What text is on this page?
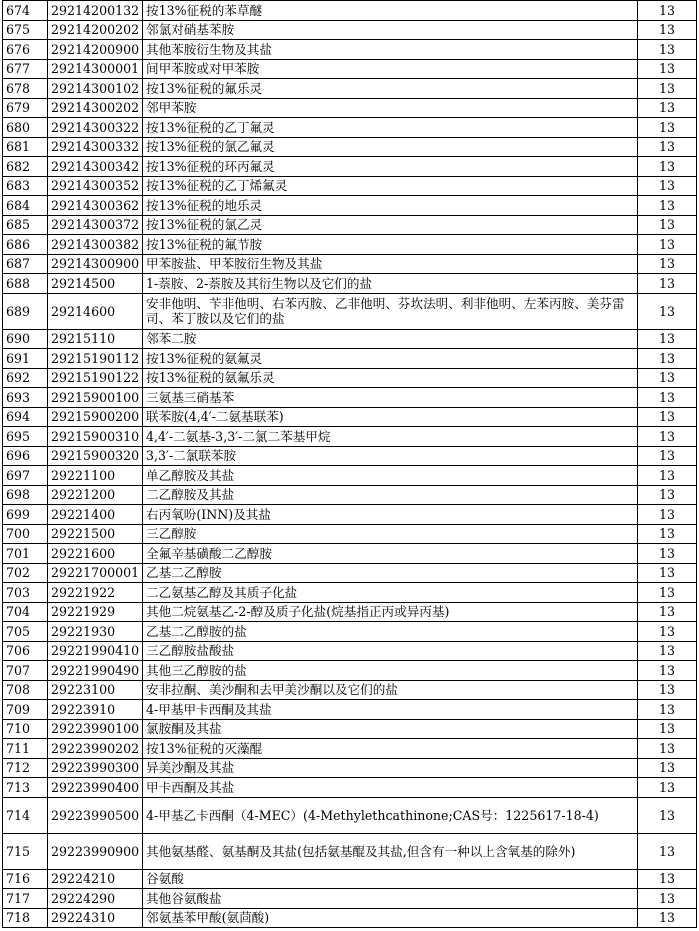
674	29214200132	按13%征税的苯草醚	13
675	29214200202	邻氯对硝基苯胺	13
676	29214200900	其他苯胺衍生物及其盐	13
677	29214300001	间甲苯胺或对甲苯胺	13
678	29214300102	按13%征税的氟乐灵	13
679	29214300202	邻甲苯胺	13
680	29214300322	按13%征税的乙丁氟灵	13
681	29214300332	按13%征税的氯乙氟灵	13
682	29214300342	按13%征税的环丙氟灵	13
683	29214300352	按13%征税的乙丁烯氟灵	13
684	29214300362	按13%征税的地乐灵	13
685	29214300372	按13%征税的氯乙灵	13
686	29214300382	按13%征税的氟节胺	13
687	29214300900	甲苯胺盐、甲苯胺衍生物及其盐	13
688	29214500	1-萘胺、2-萘胺及其衍生物以及它们的盐	13
689	29214600	安非他明、苄非他明、右苯丙胺、乙非他明、芬坎法明、利非他明、左苯丙胺、美芬雷司、苯丁胺以及它们的盐	13
690	29215110	邻苯二胺	13
691	29215190112	按13%征税的氨氟灵	13
692	29215190122	按13%征税的氨氟乐灵	13
693	29215900100	三氨基三硝基苯	13
694	29215900200	联苯胺(4,4′-二氨基联苯)	13
695	29215900310	4,4′-二氨基-3,3′-二氯二苯基甲烷	13
696	29215900320	3,3′-二氯联苯胺	13
697	29221100	单乙醇胺及其盐	13
698	29221200	二乙醇胺及其盐	13
699	29221400	右丙氧吩(INN)及其盐	13
700	29221500	三乙醇胺	13
701	29221600	全氟辛基磺酸二乙醇胺	13
702	29221700001	乙基二乙醇胺	13
703	29221922	二乙氨基乙醇及其质子化盐	13
704	29221929	其他二烷氨基乙-2-醇及质子化盐(烷基指正丙或异丙基)	13
705	29221930	乙基二乙醇胺的盐	13
706	29221990410	三乙醇胺盐酸盐	13
707	29221990490	其他三乙醇胺的盐	13
708	29223100	安非拉酮、美沙酮和去甲美沙酮以及它们的盐	13
709	29223910	4-甲基甲卡西酮及其盐	13
710	29223990100	氯胺酮及其盐	13
711	29223990202	按13%征税的灭藻醌	13
712	29223990300	异美沙酮及其盐	13
713	29223990400	甲卡西酮及其盐	13
714	29223990500	4-甲基乙卡西酮（4-MEC）(4-Methylethcathinone;CAS号：1225617-18-4)	13
715	29223990900	其他氨基醛、氨基酮及其盐(包括氨基醌及其盐,但含有一种以上含氧基的除外)	13
716	29224210	谷氨酸	13
717	29224290	其他谷氨酸盐	13
718	29224310	邻氨基苯甲酸(氨茴酸)	13
